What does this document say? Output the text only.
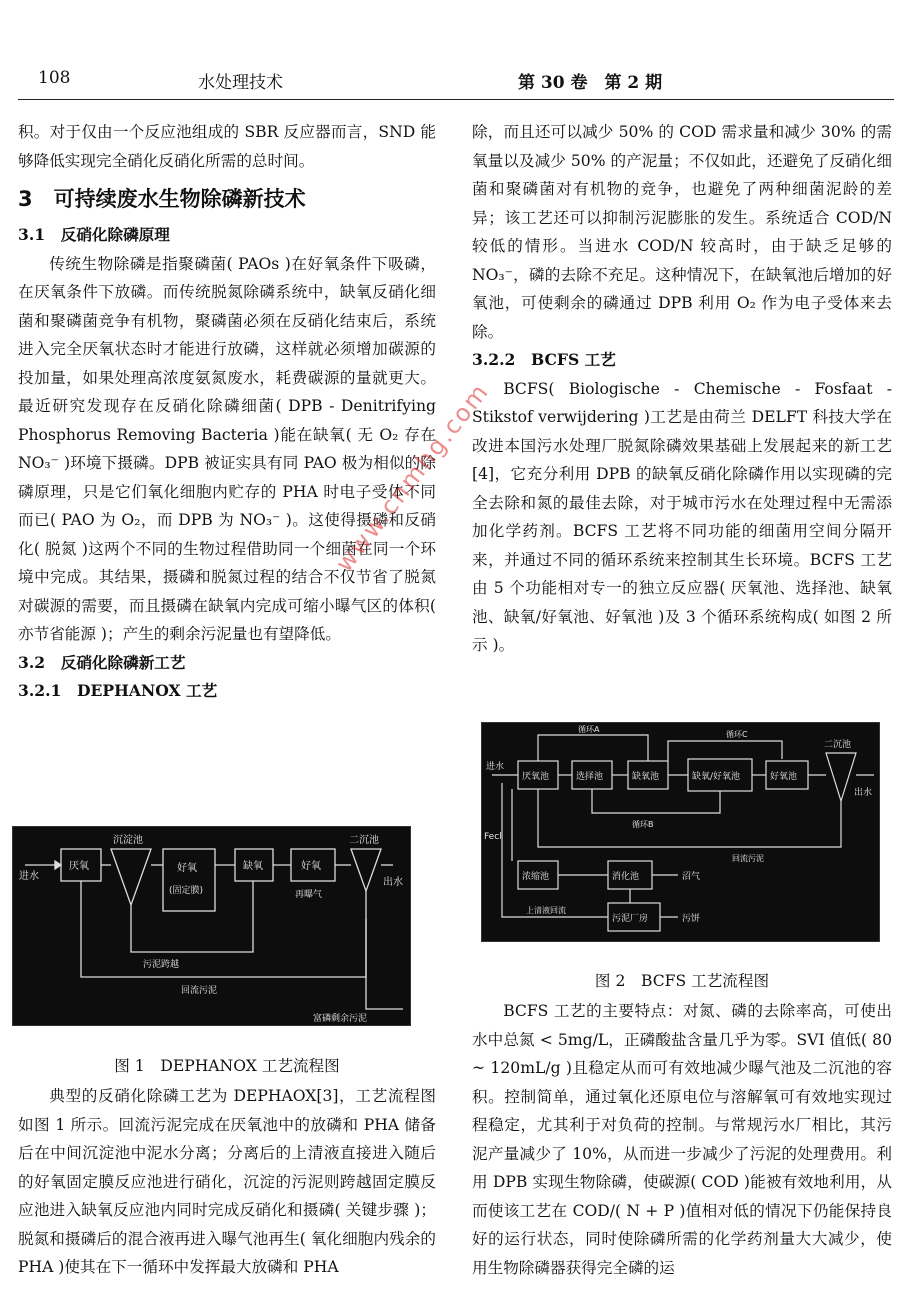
108	水处理技术	第 30 卷　第 2 期

积。对于仅由一个反应池组成的 SBR 反应器而言，SND 能够降低实现完全硝化反硝化所需的总时间。

3　可持续废水生物除磷新技术

3.1　反硝化除磷原理

传统生物除磷是指聚磷菌( PAOs )在好氧条件下吸磷，在厌氧条件下放磷。而传统脱氮除磷系统中，缺氧反硝化细菌和聚磷菌竞争有机物，聚磷菌必须在反硝化结束后，系统进入完全厌氧状态时才能进行放磷，这样就必须增加碳源的投加量，如果处理高浓度氨氮废水，耗费碳源的量就更大。最近研究发现存在反硝化除磷细菌( DPB - Denitrifying Phosphorus Removing Bacteria )能在缺氧( 无 O₂ 存在 NO₃⁻ )环境下摄磷。DPB 被证实具有同 PAO 极为相似的除磷原理，只是它们氧化细胞内贮存的 PHA 时电子受体不同而已( PAO 为 O₂，而 DPB 为 NO₃⁻ )。这使得摄磷和反硝化( 脱氮 )这两个不同的生物过程借助同一个细菌在同一个环境中完成。其结果，摄磷和脱氮过程的结合不仅节省了脱氮对碳源的需要，而且摄磷在缺氧内完成可缩小曝气区的体积( 亦节省能源 )；产生的剩余污泥量也有望降低。

3.2　反硝化除磷新工艺

3.2.1　DEPHANOX 工艺

进水
厌氧
沉淀池
好氧
(固定膜)
缺氧	好氧
再曝气
二沉池
出水
污泥跨越
回流污泥
富磷剩余污泥
图 1　DEPHANOX 工艺流程图

典型的反硝化除磷工艺为 DEPHAOX[3]，工艺流程图如图 1 所示。回流污泥完成在厌氧池中的放磷和 PHA 储备后在中间沉淀池中泥水分离；分离后的上清液直接进入随后的好氧固定膜反应池进行硝化，沉淀的污泥则跨越固定膜反应池进入缺氧反应池内同时完成反硝化和摄磷( 关键步骤 )；脱氮和摄磷后的混合液再进入曝气池再生( 氧化细胞内残余的 PHA )使其在下一循环中发挥最大放磷和 PHA

除，而且还可以减少 50% 的 COD 需求量和减少 30% 的需氧量以及减少 50% 的产泥量；不仅如此，还避免了反硝化细菌和聚磷菌对有机物的竞争，也避免了两种细菌泥龄的差异；该工艺还可以抑制污泥膨胀的发生。系统适合 COD/N 较低的情形。当进水 COD/N 较高时，由于缺乏足够的 NO₃⁻，磷的去除不充足。这种情况下，在缺氧池后增加的好氧池，可使剩余的磷通过 DPB 利用 O₂ 作为电子受体来去除。

3.2.2　BCFS 工艺

BCFS( Biologische - Chemische - Fosfaat - Stikstof verwijdering )工艺是由荷兰 DELFT 科技大学在改进本国污水处理厂脱氮除磷效果基础上发展起来的新工艺[4]，它充分利用 DPB 的缺氧反硝化除磷作用以实现磷的完全去除和氮的最佳去除，对于城市污水在处理过程中无需添加化学药剂。BCFS 工艺将不同功能的细菌用空间分隔开来，并通过不同的循环系统来控制其生长环境。BCFS 工艺由 5 个功能相对专一的独立反应器( 厌氧池、选择池、缺氧池、缺氧/好氧池、好氧池 )及 3 个循环系统构成( 如图 2 所示 )。

进水
厌氧池	选择池	缺氧池	缺氧/好氧池	好氧池
二沉池
出水
循环A
循环C
循环B
Fecl
回流污泥
浓缩池	消化池	沼气
上清液回流
污泥厂房	污饼
图 2　BCFS 工艺流程图

BCFS 工艺的主要特点：对氮、磷的去除率高，可使出水中总氮 < 5mg/L，正磷酸盐含量几乎为零。SVI 值低( 80 ~ 120mL/g )且稳定从而可有效地减少曝气池及二沉池的容积。控制简单，通过氧化还原电位与溶解氧可有效地实现过程稳定，尤其利于对负荷的控制。与常规污水厂相比，其污泥产量减少了 10%，从而进一步减少了污泥的处理费用。利用 DPB 实现生物除磷，使碳源( COD )能被有效地利用，从而使该工艺在 COD/( N + P )值相对低的情况下仍能保持良好的运行状态，同时使除磷所需的化学药剂量大大减少，使用生物除磷器获得完全磷的运

www.cnmhg.com
